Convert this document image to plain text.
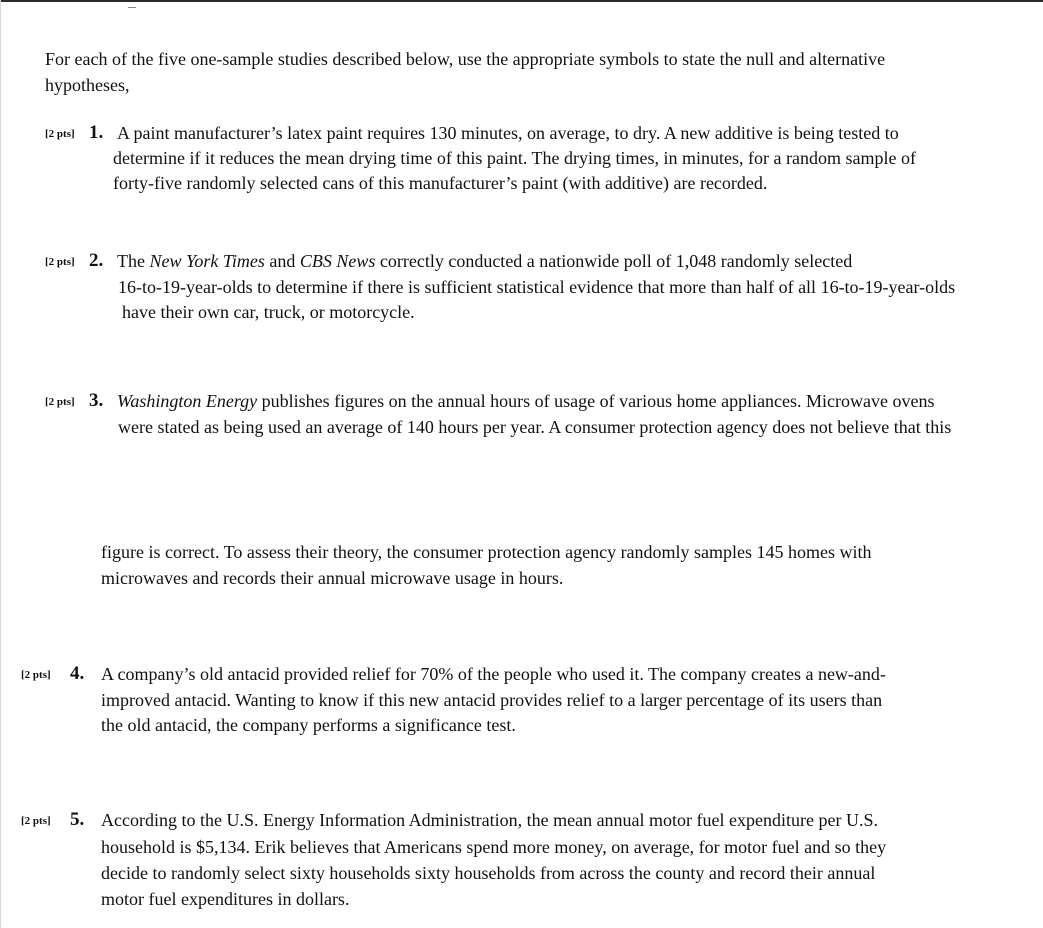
For each of the five one-sample studies described below, use the appropriate symbols to state the null and alternative
hypotheses,
[2 pts] 1. A paint manufacturer’s latex paint requires 130 minutes, on average, to dry. A new additive is being tested to
determine if it reduces the mean drying time of this paint. The drying times, in minutes, for a random sample of
forty-five randomly selected cans of this manufacturer’s paint (with additive) are recorded.
[2 pts] 2. The New York Times and CBS News correctly conducted a nationwide poll of 1,048 randomly selected
16-to-19-year-olds to determine if there is sufficient statistical evidence that more than half of all 16-to-19-year-olds
have their own car, truck, or motorcycle.
[2 pts] 3. Washington Energy publishes figures on the annual hours of usage of various home appliances. Microwave ovens
were stated as being used an average of 140 hours per year. A consumer protection agency does not believe that this
figure is correct. To assess their theory, the consumer protection agency randomly samples 145 homes with
microwaves and records their annual microwave usage in hours.
[2 pts] 4. A company’s old antacid provided relief for 70% of the people who used it. The company creates a new-and-
improved antacid. Wanting to know if this new antacid provides relief to a larger percentage of its users than
the old antacid, the company performs a significance test.
[2 pts] 5. According to the U.S. Energy Information Administration, the mean annual motor fuel expenditure per U.S.
household is $5,134. Erik believes that Americans spend more money, on average, for motor fuel and so they
decide to randomly select sixty households sixty households from across the county and record their annual
motor fuel expenditures in dollars.
